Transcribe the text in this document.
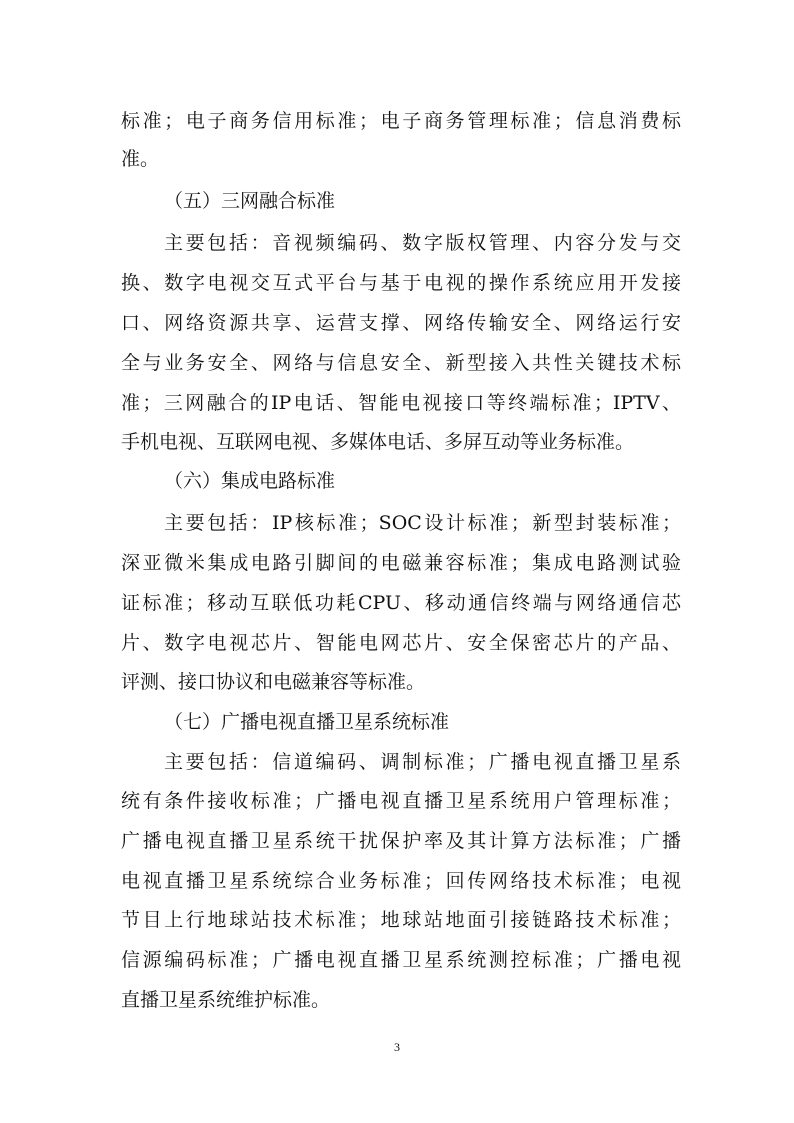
标准；电子商务信用标准；电子商务管理标准；信息消费标

准。

（五）三网融合标准

主要包括：音视频编码、数字版权管理、内容分发与交

换、数字电视交互式平台与基于电视的操作系统应用开发接

口、网络资源共享、运营支撑、网络传输安全、网络运行安

全与业务安全、网络与信息安全、新型接入共性关键技术标

准；三网融合的IP电话、智能电视接口等终端标准；IPTV、

手机电视、互联网电视、多媒体电话、多屏互动等业务标准。

（六）集成电路标准

主要包括：IP核标准；SOC设计标准；新型封装标准；

深亚微米集成电路引脚间的电磁兼容标准；集成电路测试验

证标准；移动互联低功耗CPU、移动通信终端与网络通信芯

片、数字电视芯片、智能电网芯片、安全保密芯片的产品、

评测、接口协议和电磁兼容等标准。

（七）广播电视直播卫星系统标准

主要包括：信道编码、调制标准；广播电视直播卫星系

统有条件接收标准；广播电视直播卫星系统用户管理标准；

广播电视直播卫星系统干扰保护率及其计算方法标准；广播

电视直播卫星系统综合业务标准；回传网络技术标准；电视

节目上行地球站技术标准；地球站地面引接链路技术标准；

信源编码标准；广播电视直播卫星系统测控标准；广播电视

直播卫星系统维护标准。

3
